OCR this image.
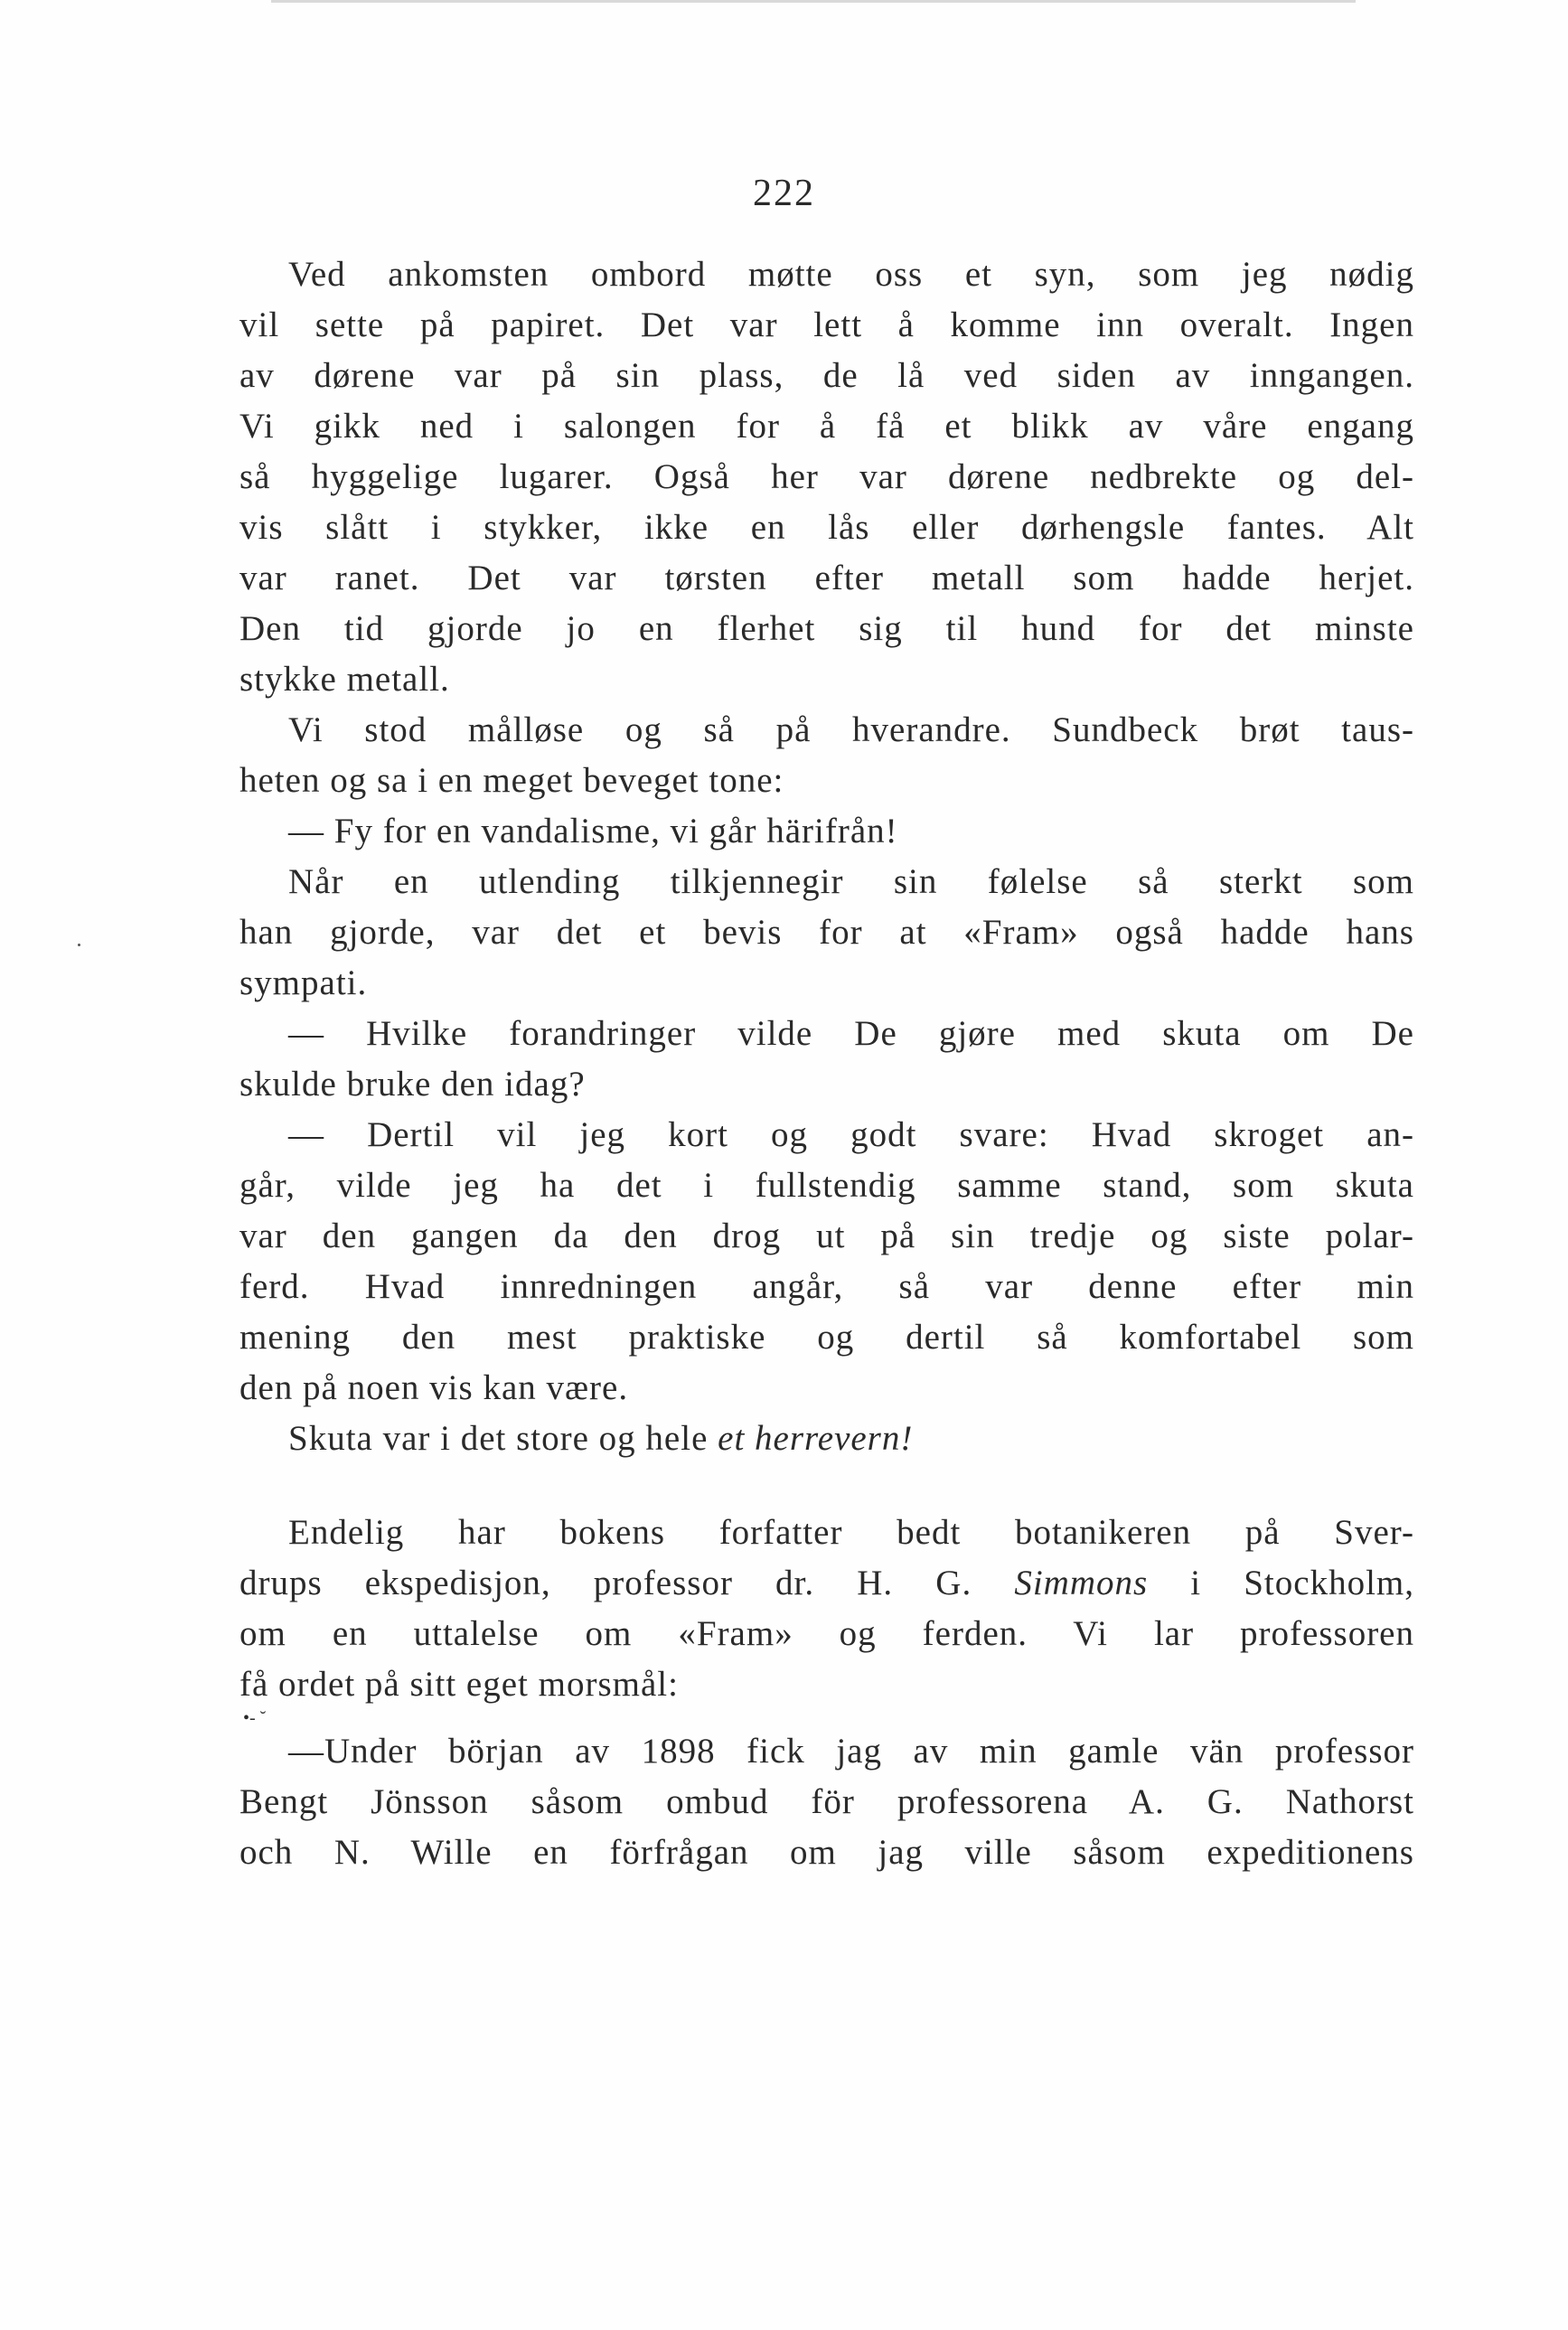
222
Ved ankomsten ombord møtte oss et syn, som jeg nødig
vil sette på papiret. Det var lett å komme inn overalt. Ingen
av dørene var på sin plass, de lå ved siden av inngangen.
Vi gikk ned i salongen for å få et blikk av våre engang
så hyggelige lugarer. Også her var dørene nedbrekte og del-
vis slått i stykker, ikke en lås eller dørhengsle fantes. Alt
var ranet. Det var tørsten efter metall som hadde herjet.
Den tid gjorde jo en flerhet sig til hund for det minste
stykke metall.
Vi stod målløse og så på hverandre. Sundbeck brøt taus-
heten og sa i en meget beveget tone:
— Fy for en vandalisme, vi går härifrån!
Når en utlending tilkjennegir sin følelse så sterkt som
han gjorde, var det et bevis for at «Fram» også hadde hans
sympati.
— Hvilke forandringer vilde De gjøre med skuta om De
skulde bruke den idag?
— Dertil vil jeg kort og godt svare: Hvad skroget an-
går, vilde jeg ha det i fullstendig samme stand, som skuta
var den gangen da den drog ut på sin tredje og siste polar-
ferd. Hvad innredningen angår, så var denne efter min
mening den mest praktiske og dertil så komfortabel som
den på noen vis kan være.
Skuta var i det store og hele et herrevern!
Endelig har bokens forfatter bedt botanikeren på Sver-
drups ekspedisjon, professor dr. H. G. Simmons i Stockholm,
om en uttalelse om «Fram» og ferden. Vi lar professoren
få ordet på sitt eget morsmål:
•- ˘
—Under början av 1898 fick jag av min gamle vän professor
Bengt Jönsson såsom ombud för professorena A. G. Nathorst
och N. Wille en förfrågan om jag ville såsom expeditionens
